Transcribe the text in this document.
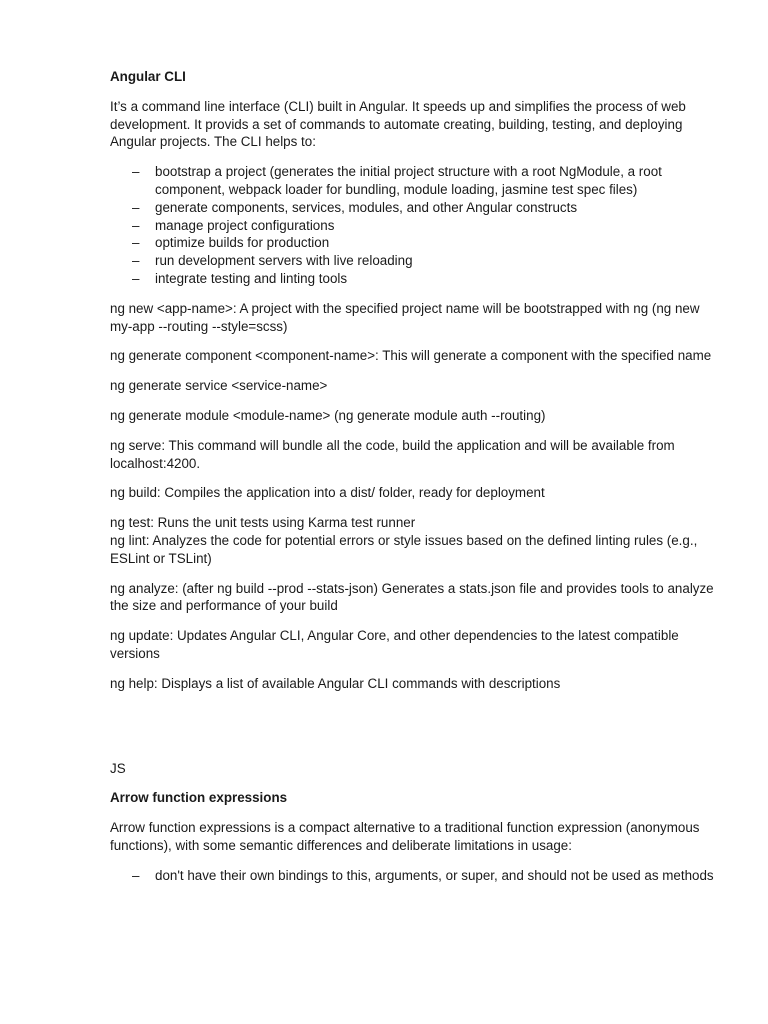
Angular CLI
It’s a command line interface (CLI) built in Angular. It speeds up and simplifies the process of web development. It provids a set of commands to automate creating, building, testing, and deploying Angular projects. The CLI helps to:
– bootstrap a project (generates the initial project structure with a root NgModule, a root component, webpack loader for bundling, module loading, jasmine test spec files)
– generate components, services, modules, and other Angular constructs
– manage project configurations
– optimize builds for production
– run development servers with live reloading
– integrate testing and linting tools
ng new <app-name>: A project with the specified project name will be bootstrapped with ng (ng new my-app --routing --style=scss)
ng generate component <component-name>: This will generate a component with the specified name
ng generate service <service-name>
ng generate module <module-name> (ng generate module auth --routing)
ng serve: This command will bundle all the code, build the application and will be available from localhost:4200.
ng build: Compiles the application into a dist/ folder, ready for deployment
ng test: Runs the unit tests using Karma test runner
ng lint: Analyzes the code for potential errors or style issues based on the defined linting rules (e.g., ESLint or TSLint)
ng analyze: (after ng build --prod --stats-json) Generates a stats.json file and provides tools to analyze the size and performance of your build
ng update: Updates Angular CLI, Angular Core, and other dependencies to the latest compatible versions
ng help: Displays a list of available Angular CLI commands with descriptions
JS
Arrow function expressions
Arrow function expressions is a compact alternative to a traditional function expression (anonymous functions), with some semantic differences and deliberate limitations in usage:
– don't have their own bindings to this, arguments, or super, and should not be used as methods
